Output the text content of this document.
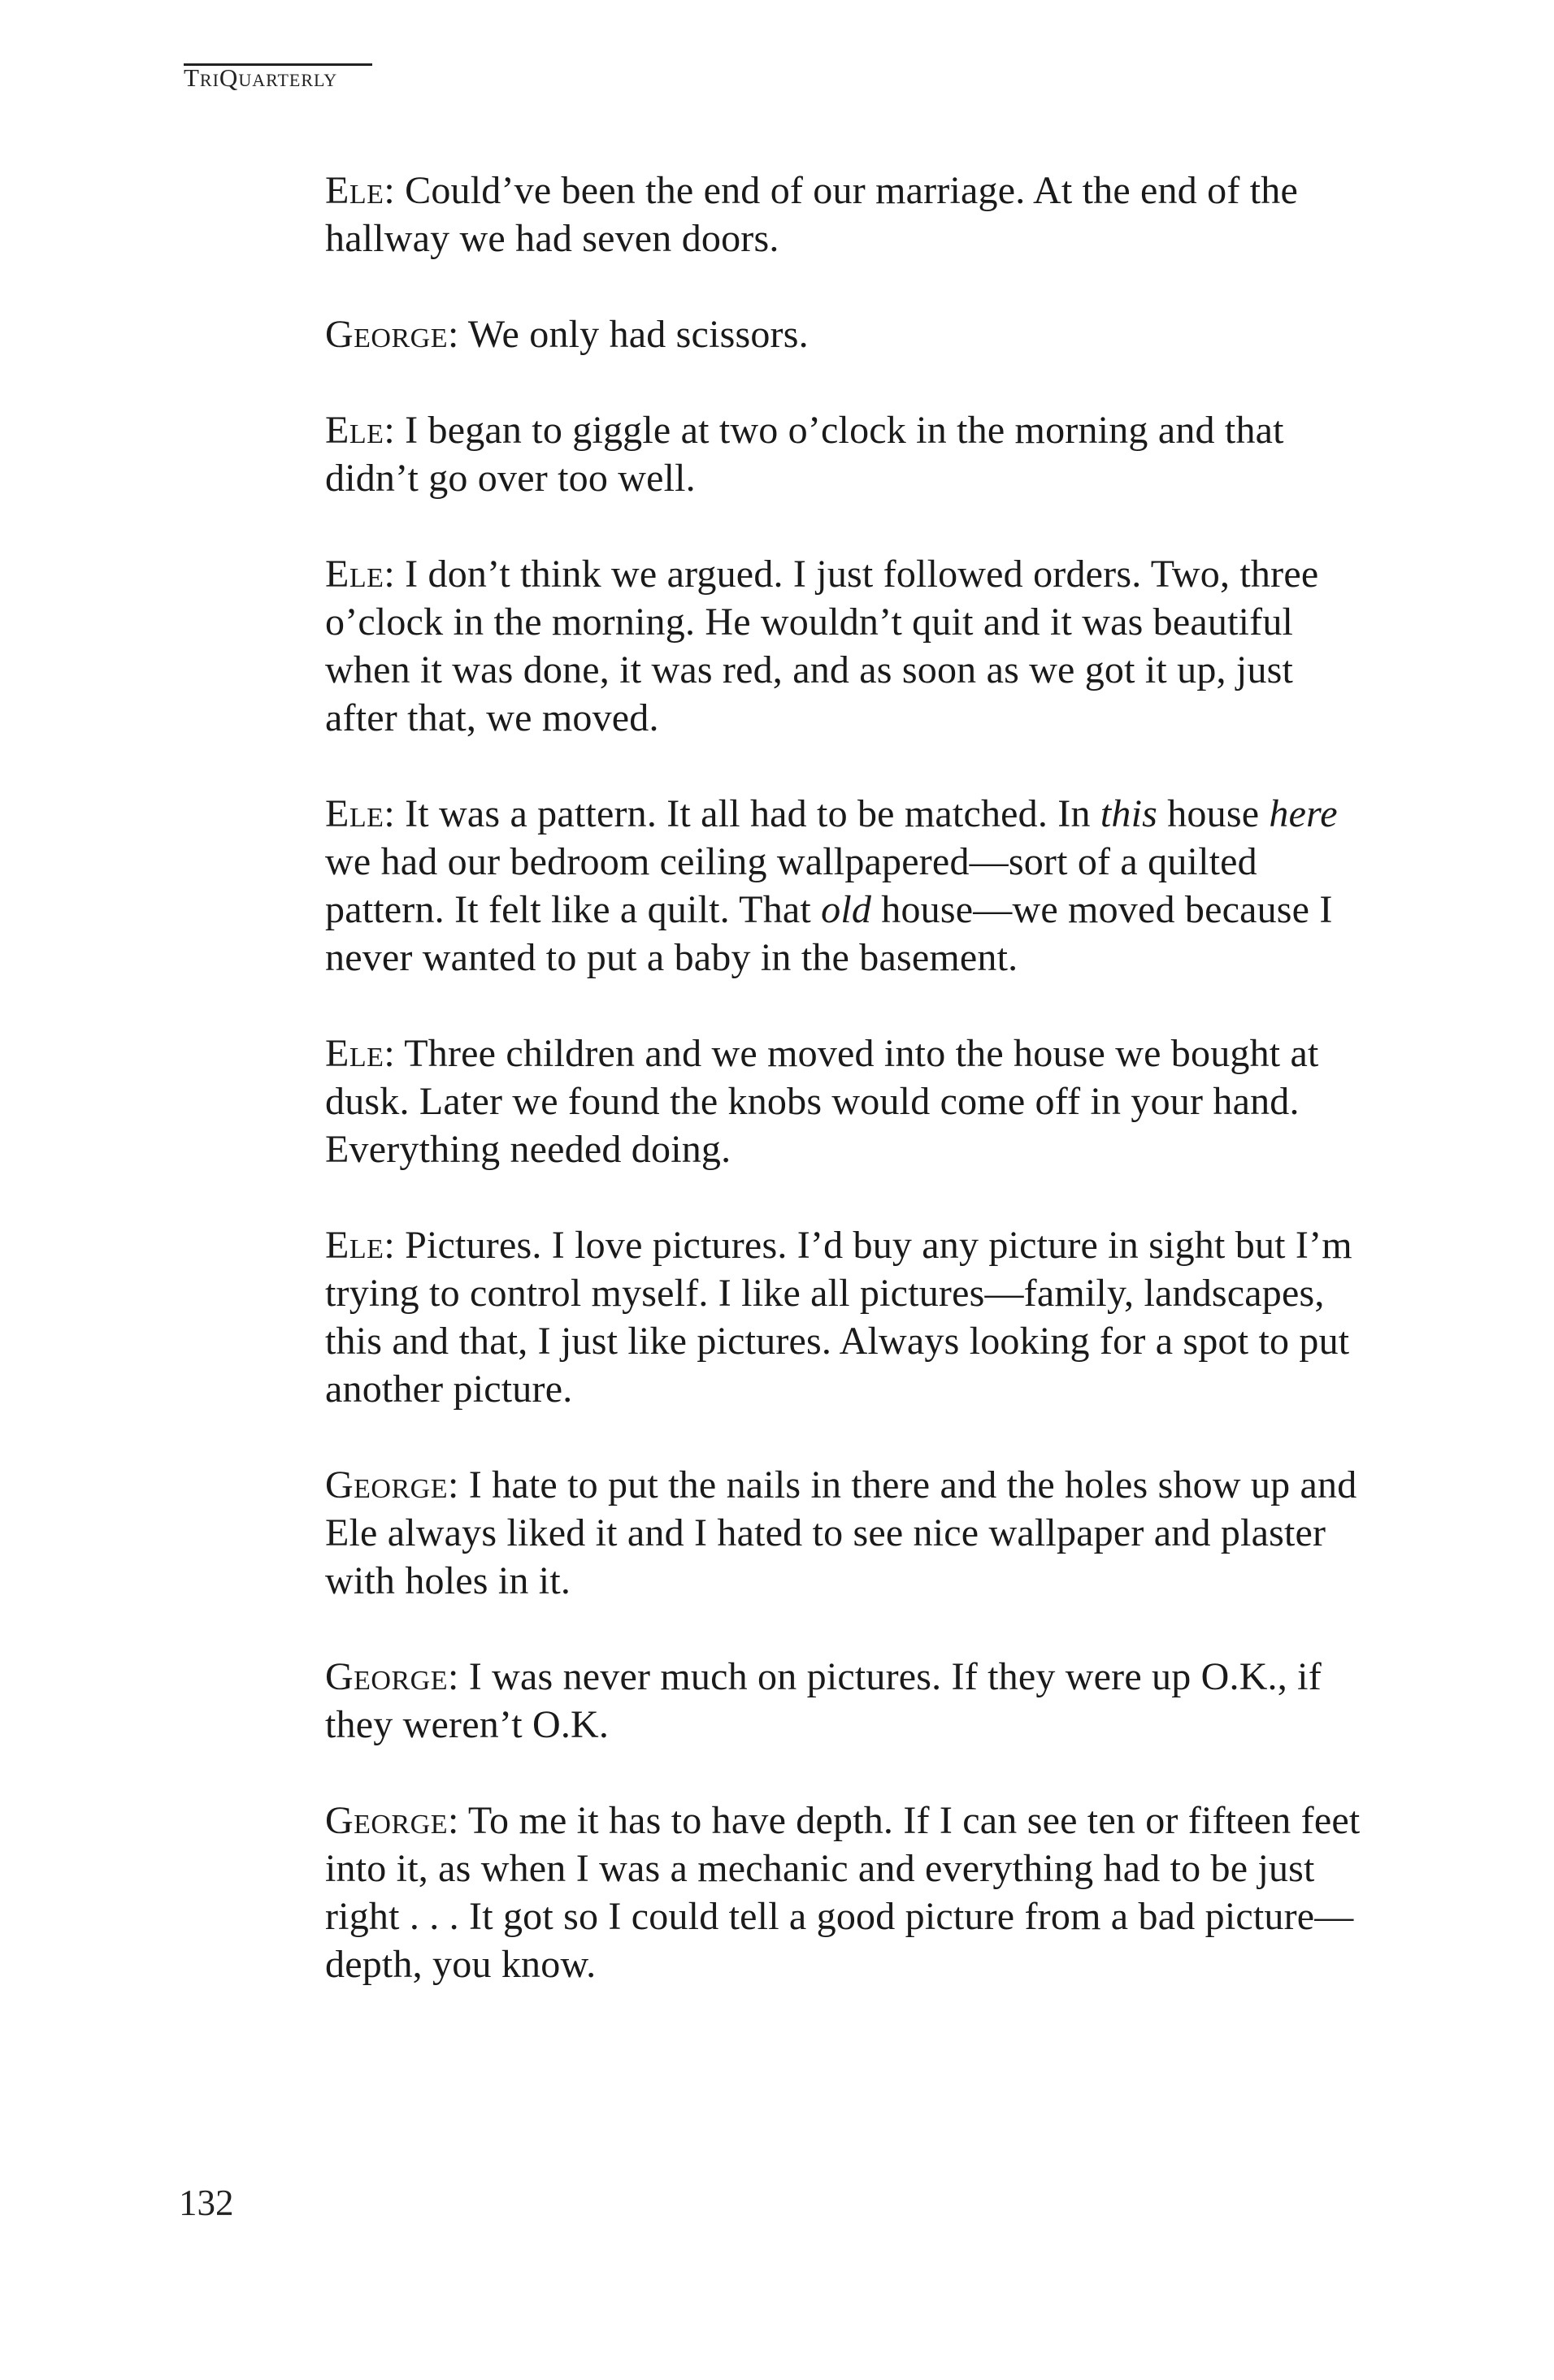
TriQuarterly

Ele: Could’ve been the end of our marriage. At the end of the hallway we had seven doors.

George: We only had scissors.

Ele: I began to giggle at two o’clock in the morning and that didn’t go over too well.

Ele: I don’t think we argued. I just followed orders. Two, three o’clock in the morning. He wouldn’t quit and it was beautiful when it was done, it was red, and as soon as we got it up, just after that, we moved.

Ele: It was a pattern. It all had to be matched. In this house here we had our bedroom ceiling wallpapered—sort of a quilted pattern. It felt like a quilt. That old house—we moved because I never wanted to put a baby in the basement.

Ele: Three children and we moved into the house we bought at dusk. Later we found the knobs would come off in your hand. Everything needed doing.

Ele: Pictures. I love pictures. I’d buy any picture in sight but I’m trying to control myself. I like all pictures—family, landscapes, this and that, I just like pictures. Always looking for a spot to put another picture.

George: I hate to put the nails in there and the holes show up and Ele always liked it and I hated to see nice wallpaper and plaster with holes in it.

George: I was never much on pictures. If they were up O.K., if they weren’t O.K.

George: To me it has to have depth. If I can see ten or fifteen feet into it, as when I was a mechanic and everything had to be just right . . . It got so I could tell a good picture from a bad picture—depth, you know.

132
